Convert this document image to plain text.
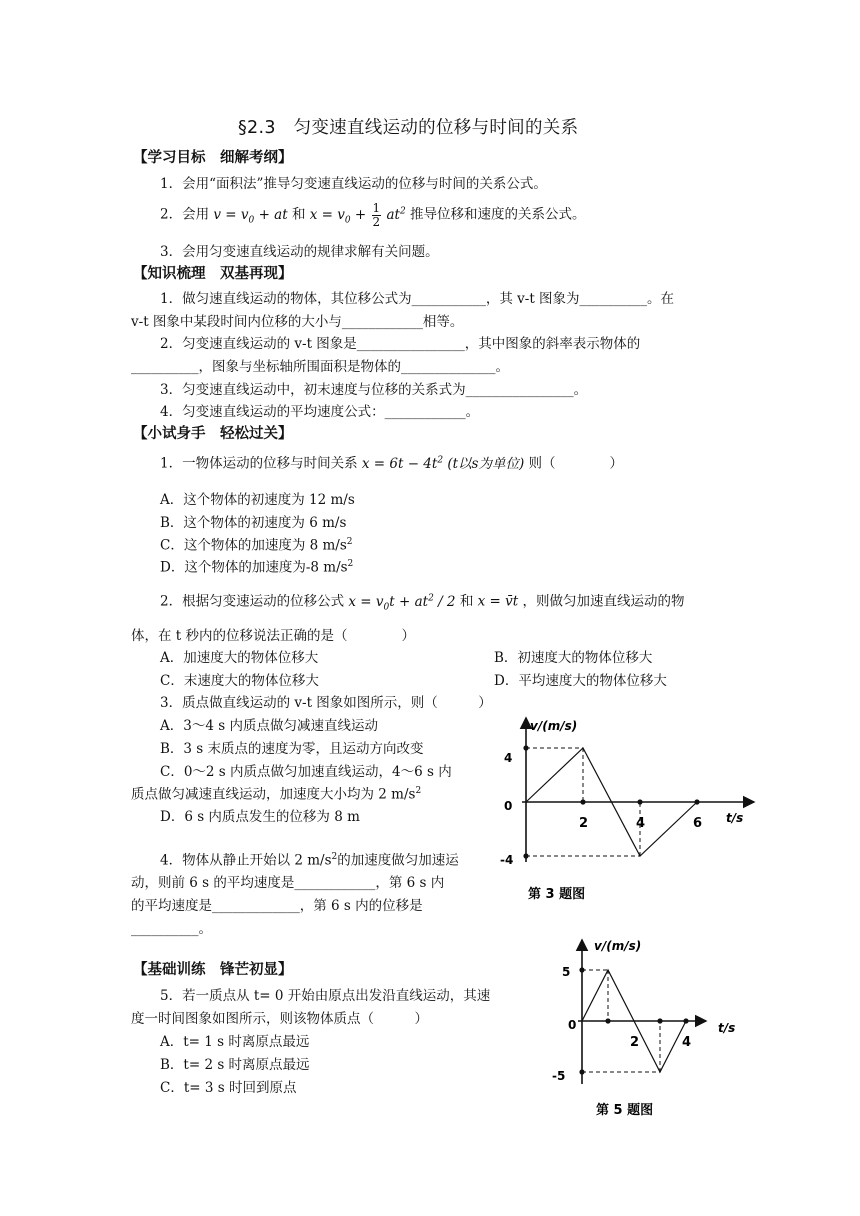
§2.3　匀变速直线运动的位移与时间的关系
【学习目标　细解考纲】
1．会用“面积法”推导匀变速直线运动的位移与时间的关系公式。
2．会用 $v = v_0$ + at 和 $x = v_0 + \frac{1}{2} at^2$ 推导位移和速度的关系公式。
3．会用匀变速直线运动的规律求解有关问题。
【知识梳理　双基再现】
1．做匀速直线运动的物体，其位移公式为___________，其 v-t 图象为__________。在
v-t 图象中某段时间内位移的大小与____________相等。
2．匀变速直线运动的 v-t 图象是________________，其中图象的斜率表示物体的
__________，图象与坐标轴所围面积是物体的______________。
3．匀变速直线运动中，初末速度与位移的关系式为________________。
4．匀变速直线运动的平均速度公式：____________。
【小试身手　轻松过关】
1．一物体运动的位移与时间关系 $x = 6t - 4t^2$ (t以s为单位) 则（　　　　）
A．这个物体的初速度为 12 m/s
B．这个物体的初速度为 6 m/s
C．这个物体的加速度为 8 $m/s^2$
D．这个物体的加速度为-8 $m/s^2$
2．根据匀变速运动的位移公式 $x = v_0t + at^2 / 2$ 和 x = v̄t ，则做匀加速直线运动的物
体，在 t 秒内的位移说法正确的是（　　　　）
A．加速度大的物体位移大	B．初速度大的物体位移大
C．末速度大的物体位移大	D．平均速度大的物体位移大
3．质点做直线运动的 v-t 图象如图所示，则（　　　）
A．3～4 s 内质点做匀减速直线运动
B．3 s 末质点的速度为零，且运动方向改变
C．0～2 s 内质点做匀加速直线运动，4～6 s 内
质点做匀减速直线运动，加速度大小均为 2 $m/s^2$
D．6 s 内质点发生的位移为 8 m
4．物体从静止开始以 2 $m/s^2$的加速度做匀加速运
动，则前 6 s 的平均速度是____________，第 6 s 内
的平均速度是_____________，第 6 s 内的位移是
__________。
【基础训练　锋芒初显】
5．若一质点从 t= 0 开始由原点出发沿直线运动，其速
度一时间图象如图所示，则该物体质点（　　　）
A．t= 1 s 时离原点最远
B．t= 2 s 时离原点最远
C．t= 3 s 时回到原点
v/(m/s)
t/s
4
0
-4
2	4	6
第 3 题图
v/(m/s)
t/s
5
0
-5
2	4
第 5 题图
